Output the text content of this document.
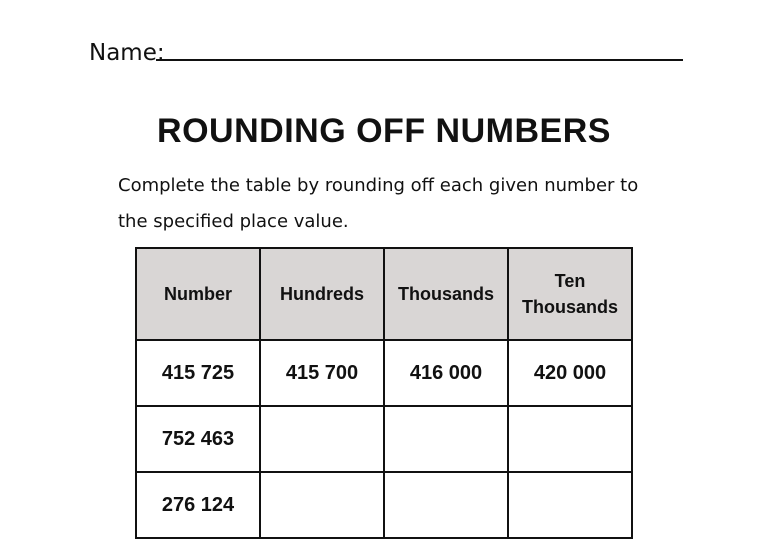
Name:
ROUNDING OFF NUMBERS
Complete the table by rounding off each given number to the specified place value.
Number	Hundreds	Thousands	Ten Thousands
415 725	415 700	416 000	420 000
752 463			
276 124			
